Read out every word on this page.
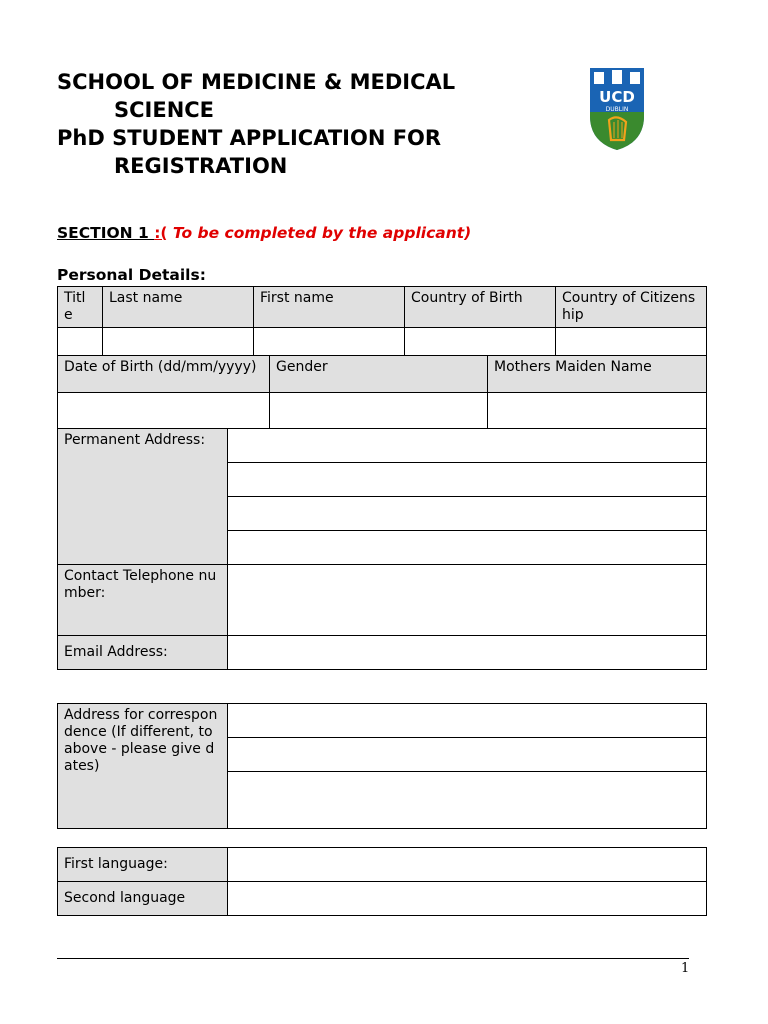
SCHOOL OF MEDICINE & MEDICAL
SCIENCE
PhD STUDENT APPLICATION FOR
REGISTRATION
UCD
DUBLIN
SECTION 1 :( To be completed by the applicant)
Personal Details:
Titl e	Last name	First name	Country of Birth	Country of Citizenship

Date of Birth (dd/mm/yyyy)	Gender	Mothers Maiden Name

Permanent Address:	

Contact Telephone number:	
Email Address:	
Address for correspondence (If different, to above - please give dates)	

First language:	
Second language	
1
